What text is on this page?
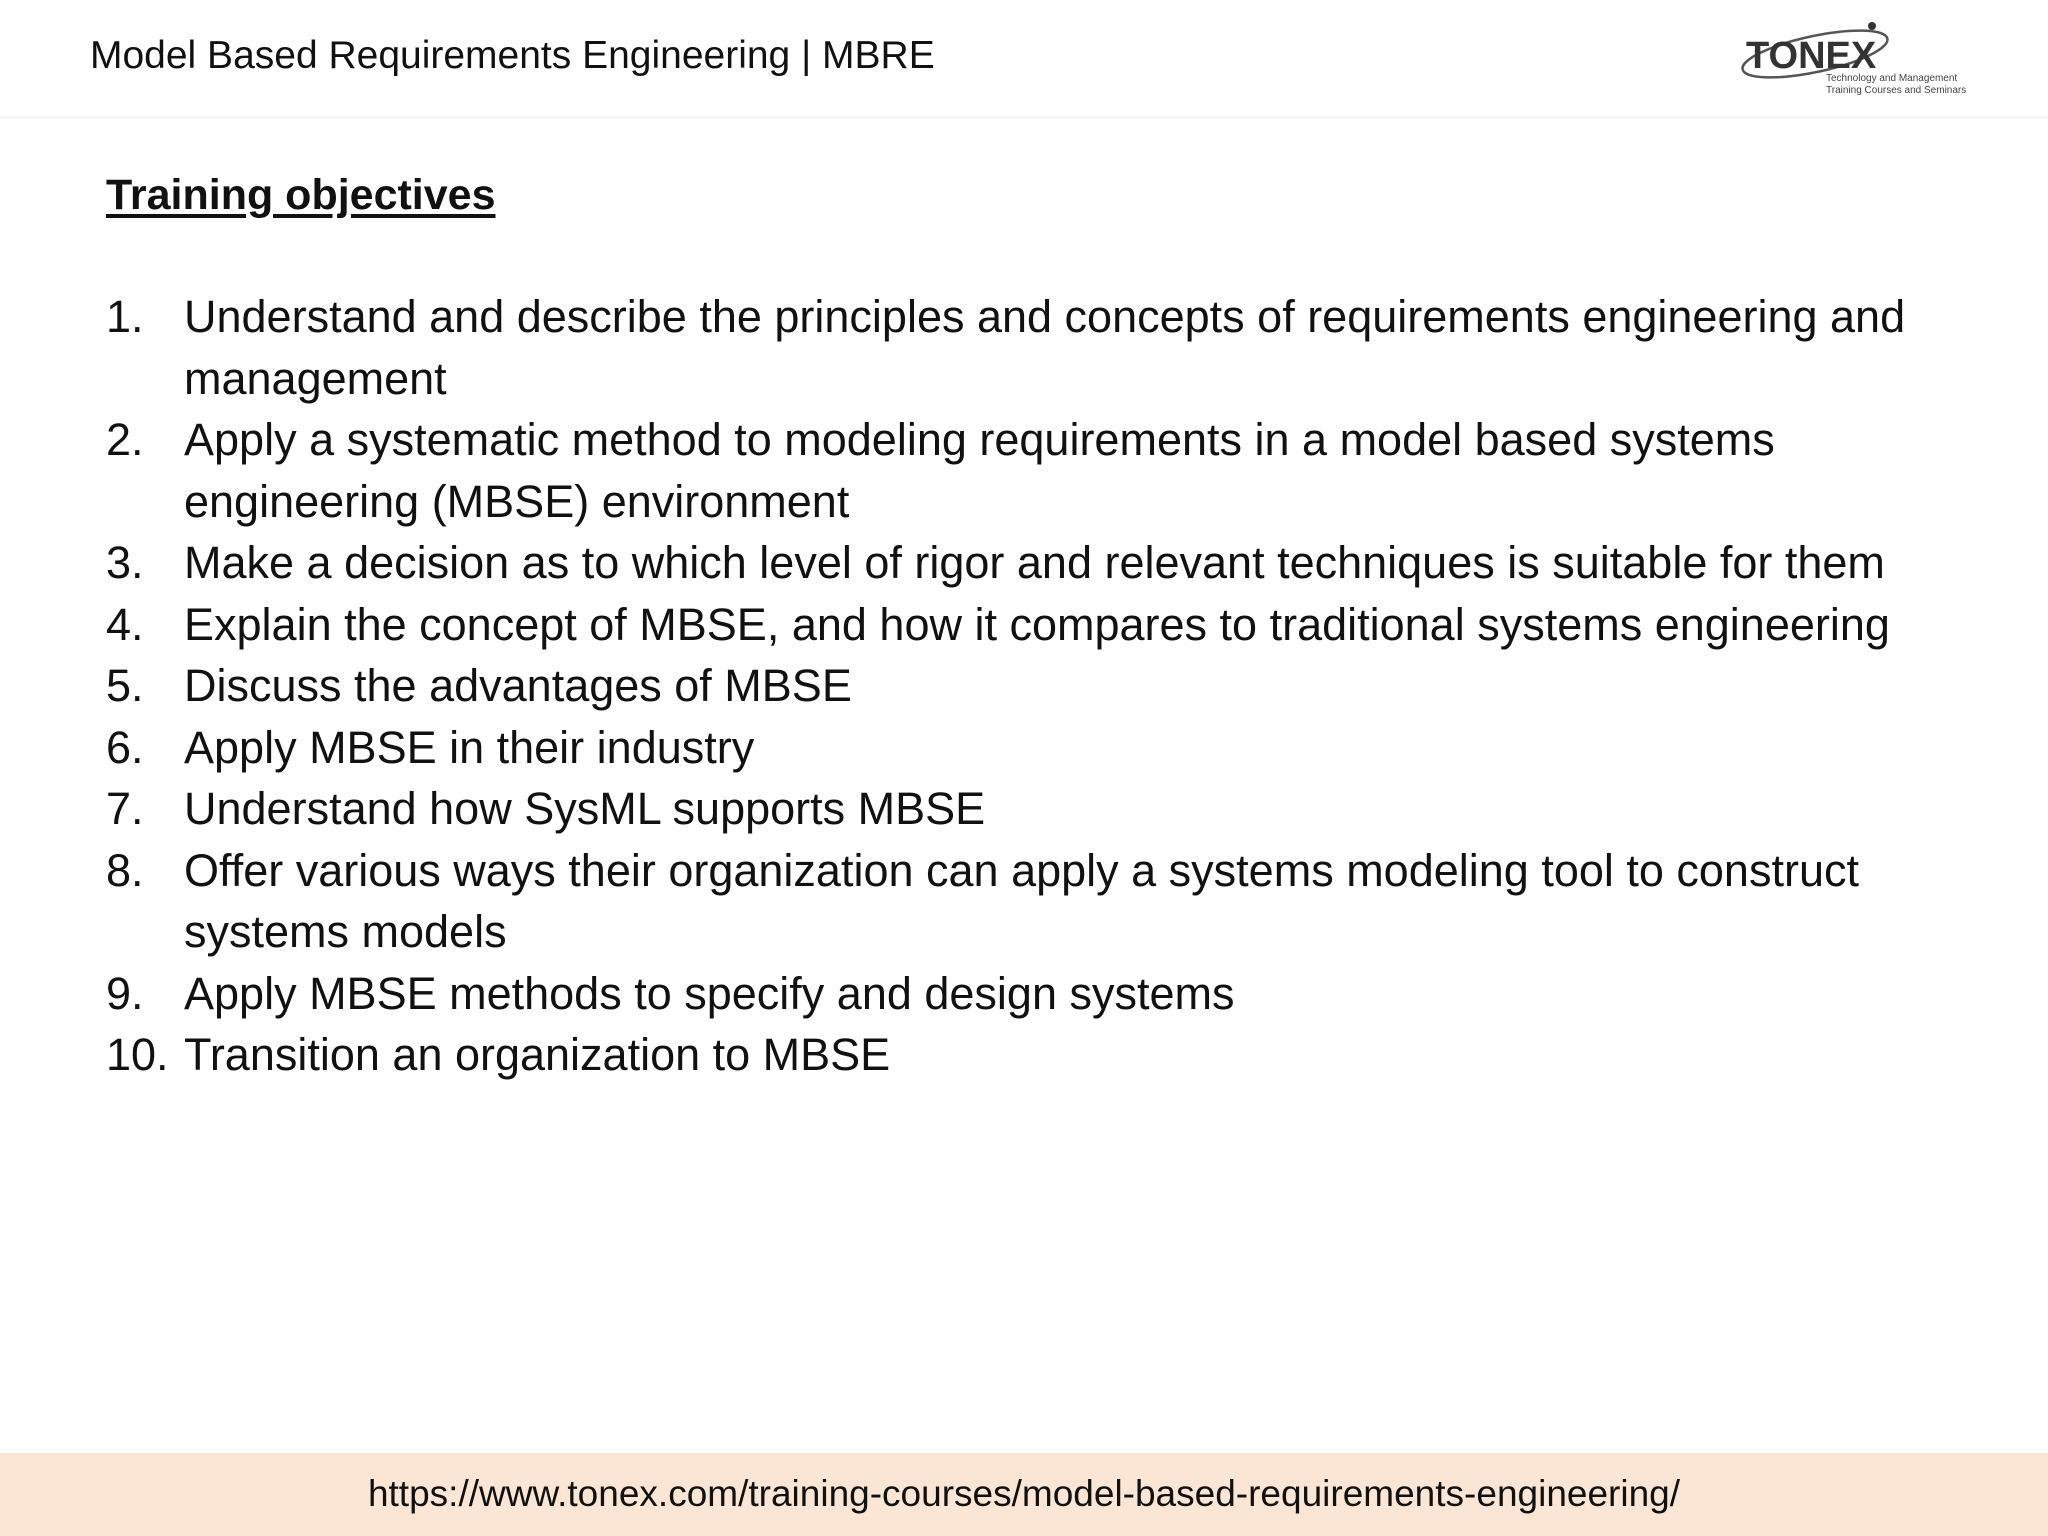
Model Based Requirements Engineering | MBRE	TONEX
Technology and Management
Training Courses and Seminars
Training objectives
1. Understand and describe the principles and concepts of requirements engineering and management
2. Apply a systematic method to modeling requirements in a model based systems engineering (MBSE) environment
3. Make a decision as to which level of rigor and relevant techniques is suitable for them
4. Explain the concept of MBSE, and how it compares to traditional systems engineering
5. Discuss the advantages of MBSE
6. Apply MBSE in their industry
7. Understand how SysML supports MBSE
8. Offer various ways their organization can apply a systems modeling tool to construct systems models
9. Apply MBSE methods to specify and design systems
10. Transition an organization to MBSE
https://www.tonex.com/training-courses/model-based-requirements-engineering/
